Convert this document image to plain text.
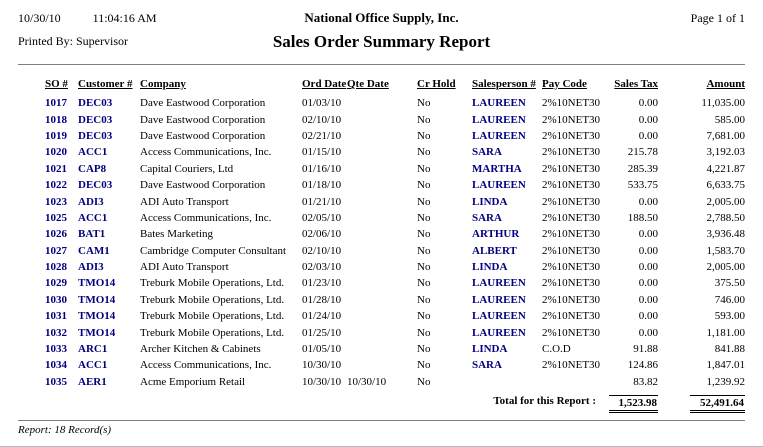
10/30/10	11:04:16 AM	National Office Supply, Inc.	Page 1 of 1
Printed By: Supervisor	Sales Order Summary Report
SO #	Customer #	Company	Ord Date	Qte Date	Cr Hold	Salesperson #	Pay Code	Sales Tax	Amount
1017	DEC03	Dave Eastwood Corporation	01/03/10		No	LAUREEN	2%10NET30	0.00	11,035.00
1018	DEC03	Dave Eastwood Corporation	02/10/10		No	LAUREEN	2%10NET30	0.00	585.00
1019	DEC03	Dave Eastwood Corporation	02/21/10		No	LAUREEN	2%10NET30	0.00	7,681.00
1020	ACC1	Access Communications, Inc.	01/15/10		No	SARA	2%10NET30	215.78	3,192.03
1021	CAP8	Capital Couriers, Ltd	01/16/10		No	MARTHA	2%10NET30	285.39	4,221.87
1022	DEC03	Dave Eastwood Corporation	01/18/10		No	LAUREEN	2%10NET30	533.75	6,633.75
1023	ADI3	ADI Auto Transport	01/21/10		No	LINDA	2%10NET30	0.00	2,005.00
1025	ACC1	Access Communications, Inc.	02/05/10		No	SARA	2%10NET30	188.50	2,788.50
1026	BAT1	Bates Marketing	02/06/10		No	ARTHUR	2%10NET30	0.00	3,936.48
1027	CAM1	Cambridge Computer Consultant	02/10/10		No	ALBERT	2%10NET30	0.00	1,583.70
1028	ADI3	ADI Auto Transport	02/03/10		No	LINDA	2%10NET30	0.00	2,005.00
1029	TMO14	Treburk Mobile Operations, Ltd.	01/23/10		No	LAUREEN	2%10NET30	0.00	375.50
1030	TMO14	Treburk Mobile Operations, Ltd.	01/28/10		No	LAUREEN	2%10NET30	0.00	746.00
1031	TMO14	Treburk Mobile Operations, Ltd.	01/24/10		No	LAUREEN	2%10NET30	0.00	593.00
1032	TMO14	Treburk Mobile Operations, Ltd.	01/25/10		No	LAUREEN	2%10NET30	0.00	1,181.00
1033	ARC1	Archer Kitchen & Cabinets	01/05/10		No	LINDA	C.O.D	91.88	841.88
1034	ACC1	Access Communications, Inc.	10/30/10		No	SARA	2%10NET30	124.86	1,847.01
1035	AER1	Acme Emporium Retail	10/30/10	10/30/10	No			83.82	1,239.92
Total for this Report :								1,523.98	52,491.64
Report: 18 Record(s)
